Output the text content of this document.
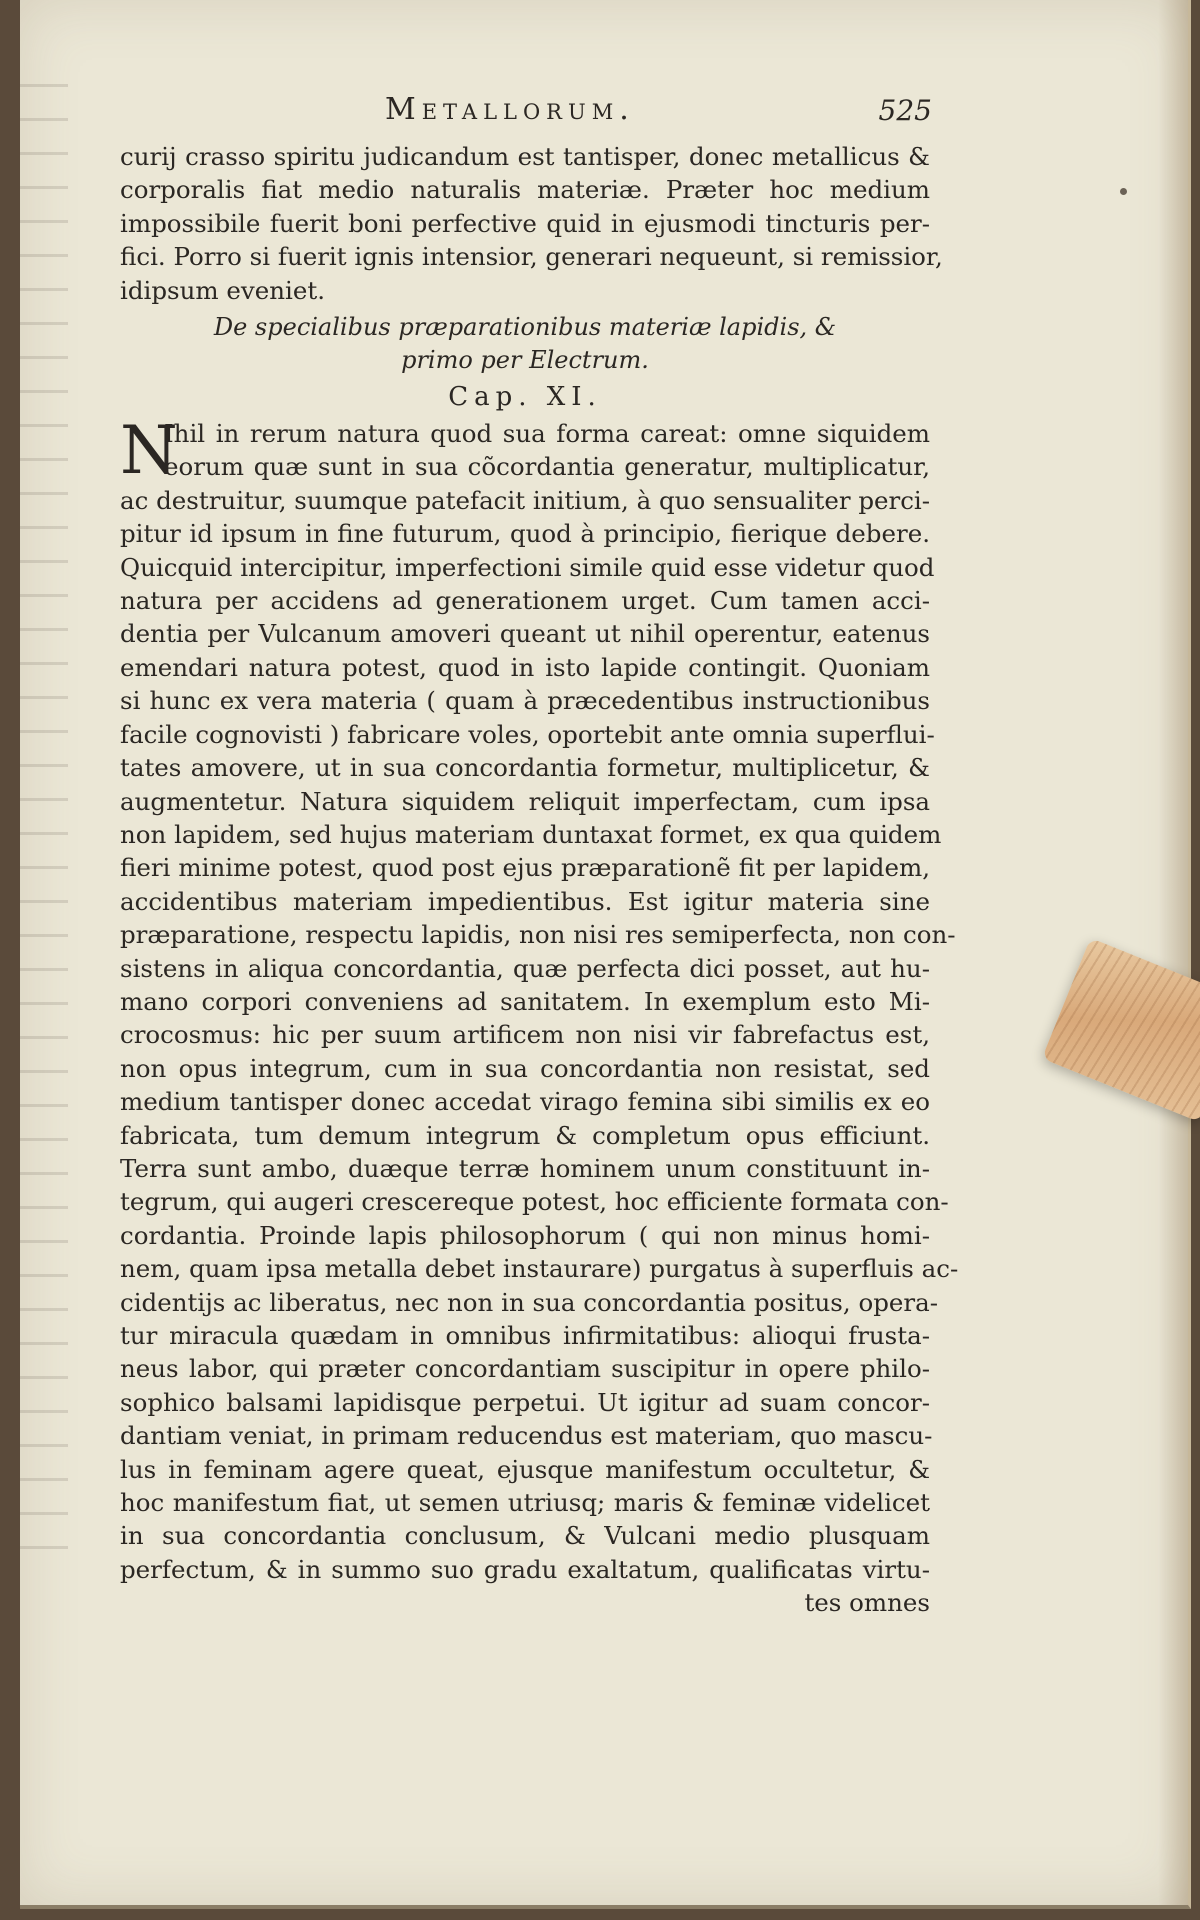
Metallorum.	525
curij crasso spiritu judicandum est tantisper, donec metallicus &
corporalis fiat medio naturalis materiæ. Præter hoc medium
impossibile fuerit boni perfective quid in ejusmodi tincturis per-
fici. Porro si fuerit ignis intensior, generari nequeunt, si remissior,
idipsum eveniet.
De specialibus præparationibus materiæ lapidis, &
primo per Electrum.
Cap. XI.
N
Ihil in rerum natura quod sua forma careat: omne siquidem
eorum quæ sunt in sua cõcordantia generatur, multiplicatur,
ac destruitur, suumque patefacit initium, à quo sensualiter perci-
pitur id ipsum in fine futurum, quod à principio, fierique debere.
Quicquid intercipitur, imperfectioni simile quid esse videtur quod
natura per accidens ad generationem urget. Cum tamen acci-
dentia per Vulcanum amoveri queant ut nihil operentur, eatenus
emendari natura potest, quod in isto lapide contingit. Quoniam
si hunc ex vera materia ( quam à præcedentibus instructionibus
facile cognovisti ) fabricare voles, oportebit ante omnia superflui-
tates amovere, ut in sua concordantia formetur, multiplicetur, &
augmentetur. Natura siquidem reliquit imperfectam, cum ipsa
non lapidem, sed hujus materiam duntaxat formet, ex qua quidem
fieri minime potest, quod post ejus præparationẽ fit per lapidem,
accidentibus materiam impedientibus. Est igitur materia sine
præparatione, respectu lapidis, non nisi res semiperfecta, non con-
sistens in aliqua concordantia, quæ perfecta dici posset, aut hu-
mano corpori conveniens ad sanitatem. In exemplum esto Mi-
crocosmus: hic per suum artificem non nisi vir fabrefactus est,
non opus integrum, cum in sua concordantia non resistat, sed
medium tantisper donec accedat virago femina sibi similis ex eo
fabricata, tum demum integrum & completum opus efficiunt.
Terra sunt ambo, duæque terræ hominem unum constituunt in-
tegrum, qui augeri crescereque potest, hoc efficiente formata con-
cordantia. Proinde lapis philosophorum ( qui non minus homi-
nem, quam ipsa metalla debet instaurare) purgatus à superfluis ac-
cidentijs ac liberatus, nec non in sua concordantia positus, opera-
tur miracula quædam in omnibus infirmitatibus: alioqui frusta-
neus labor, qui præter concordantiam suscipitur in opere philo-
sophico balsami lapidisque perpetui. Ut igitur ad suam concor-
dantiam veniat, in primam reducendus est materiam, quo mascu-
lus in feminam agere queat, ejusque manifestum occultetur, &
hoc manifestum fiat, ut semen utriusq; maris & feminæ videlicet
in sua concordantia conclusum, & Vulcani medio plusquam
perfectum, & in summo suo gradu exaltatum, qualificatas virtu-
tes omnes
